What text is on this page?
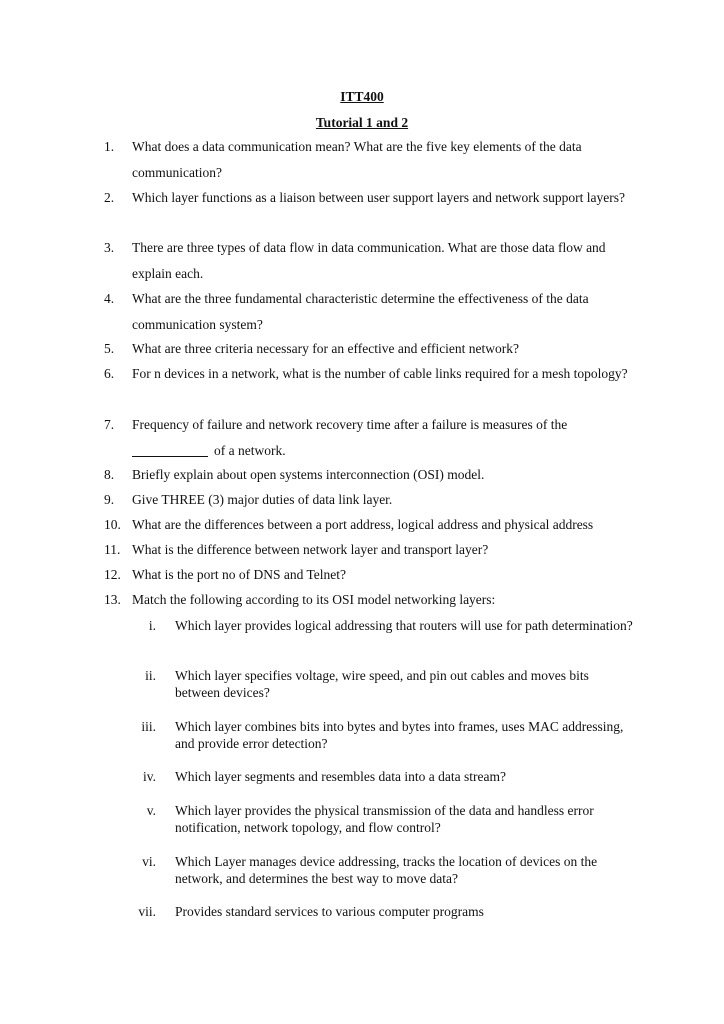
ITT400
Tutorial 1 and 2
1. What does a data communication mean? What are the five key elements of the data communication?
2. Which layer functions as a liaison between user support layers and network support layers?
3. There are three types of data flow in data communication. What are those data flow and explain each.
4. What are the three fundamental characteristic determine the effectiveness of the data communication system?
5. What are three criteria necessary for an effective and efficient network?
6. For n devices in a network, what is the number of cable links required for a mesh topology?
7. Frequency of failure and network recovery time after a failure is measures of the
of a network.
8. Briefly explain about open systems interconnection (OSI) model.
9. Give THREE (3) major duties of data link layer.
10. What are the differences between a port address, logical address and physical address
11. What is the difference between network layer and transport layer?
12. What is the port no of DNS and Telnet?
13. Match the following according to its OSI model networking layers:
i. Which layer provides logical addressing that routers will use for path determination?
ii. Which layer specifies voltage, wire speed, and pin out cables and moves bits between devices?
iii. Which layer combines bits into bytes and bytes into frames, uses MAC addressing, and provide error detection?
iv. Which layer segments and resembles data into a data stream?
v. Which layer provides the physical transmission of the data and handless error notification, network topology, and flow control?
vi. Which Layer manages device addressing, tracks the location of devices on the network, and determines the best way to move data?
vii. Provides standard services to various computer programs
